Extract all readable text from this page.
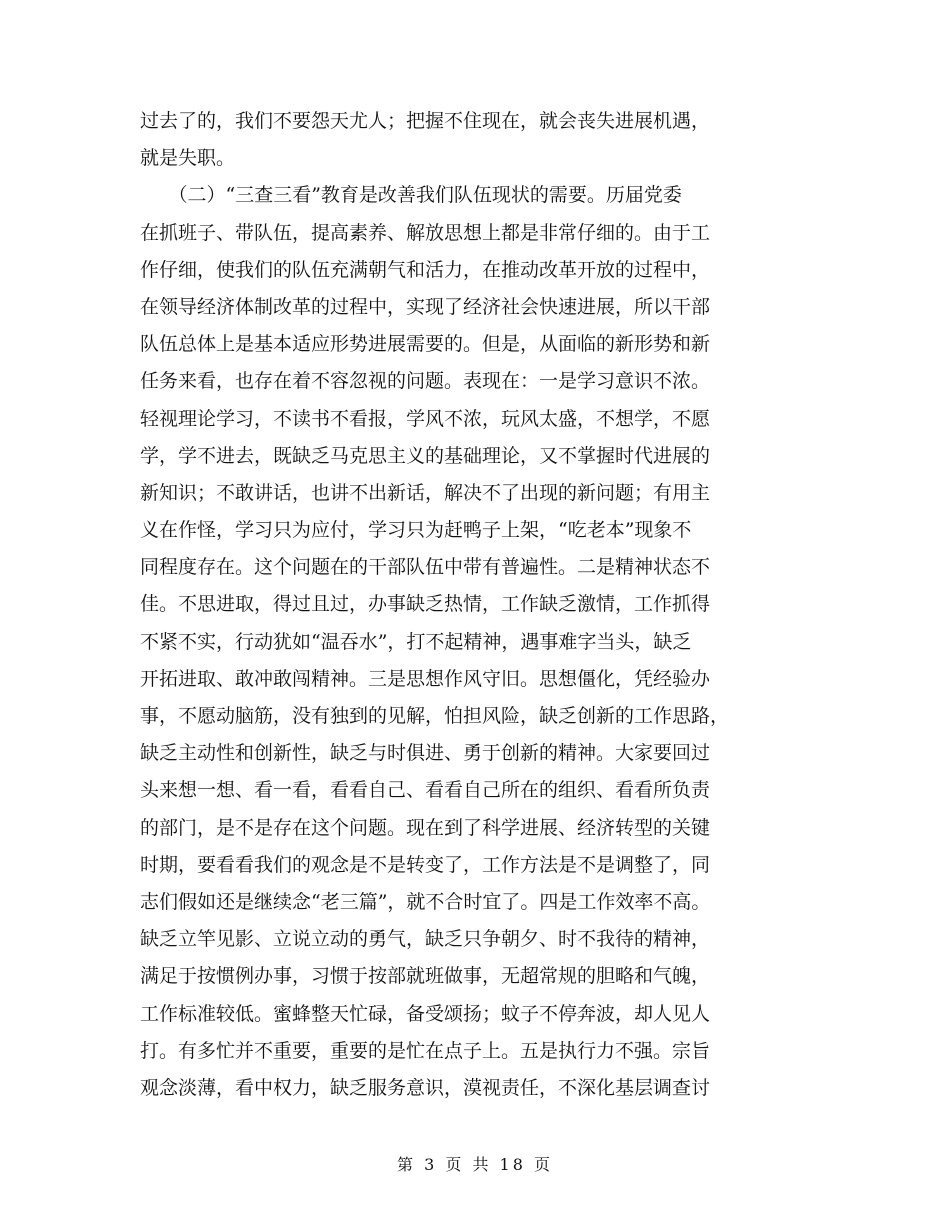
过去了的，我们不要怨天尤人；把握不住现在，就会丧失进展机遇，
就是失职。
　　（二）“三查三看”教育是改善我们队伍现状的需要。历届党委
在抓班子、带队伍，提高素养、解放思想上都是非常仔细的。由于工
作仔细，使我们的队伍充满朝气和活力，在推动改革开放的过程中，
在领导经济体制改革的过程中，实现了经济社会快速进展，所以干部
队伍总体上是基本适应形势进展需要的。但是，从面临的新形势和新
任务来看，也存在着不容忽视的问题。表现在：一是学习意识不浓。
轻视理论学习，不读书不看报，学风不浓，玩风太盛，不想学，不愿
学，学不进去，既缺乏马克思主义的基础理论，又不掌握时代进展的
新知识；不敢讲话，也讲不出新话，解决不了出现的新问题；有用主
义在作怪，学习只为应付，学习只为赶鸭子上架，“吃老本”现象不
同程度存在。这个问题在的干部队伍中带有普遍性。二是精神状态不
佳。不思进取，得过且过，办事缺乏热情，工作缺乏激情，工作抓得
不紧不实，行动犹如“温吞水”，打不起精神，遇事难字当头，缺乏
开拓进取、敢冲敢闯精神。三是思想作风守旧。思想僵化，凭经验办
事，不愿动脑筋，没有独到的见解，怕担风险，缺乏创新的工作思路，
缺乏主动性和创新性，缺乏与时俱进、勇于创新的精神。大家要回过
头来想一想、看一看，看看自己、看看自己所在的组织、看看所负责
的部门，是不是存在这个问题。现在到了科学进展、经济转型的关键
时期，要看看我们的观念是不是转变了，工作方法是不是调整了，同
志们假如还是继续念“老三篇”，就不合时宜了。四是工作效率不高。
缺乏立竿见影、立说立动的勇气，缺乏只争朝夕、时不我待的精神，
满足于按惯例办事，习惯于按部就班做事，无超常规的胆略和气魄，
工作标准较低。蜜蜂整天忙碌，备受颂扬；蚊子不停奔波，却人见人
打。有多忙并不重要，重要的是忙在点子上。五是执行力不强。宗旨
观念淡薄，看中权力，缺乏服务意识，漠视责任，不深化基层调查讨
第 3 页 共 18 页
